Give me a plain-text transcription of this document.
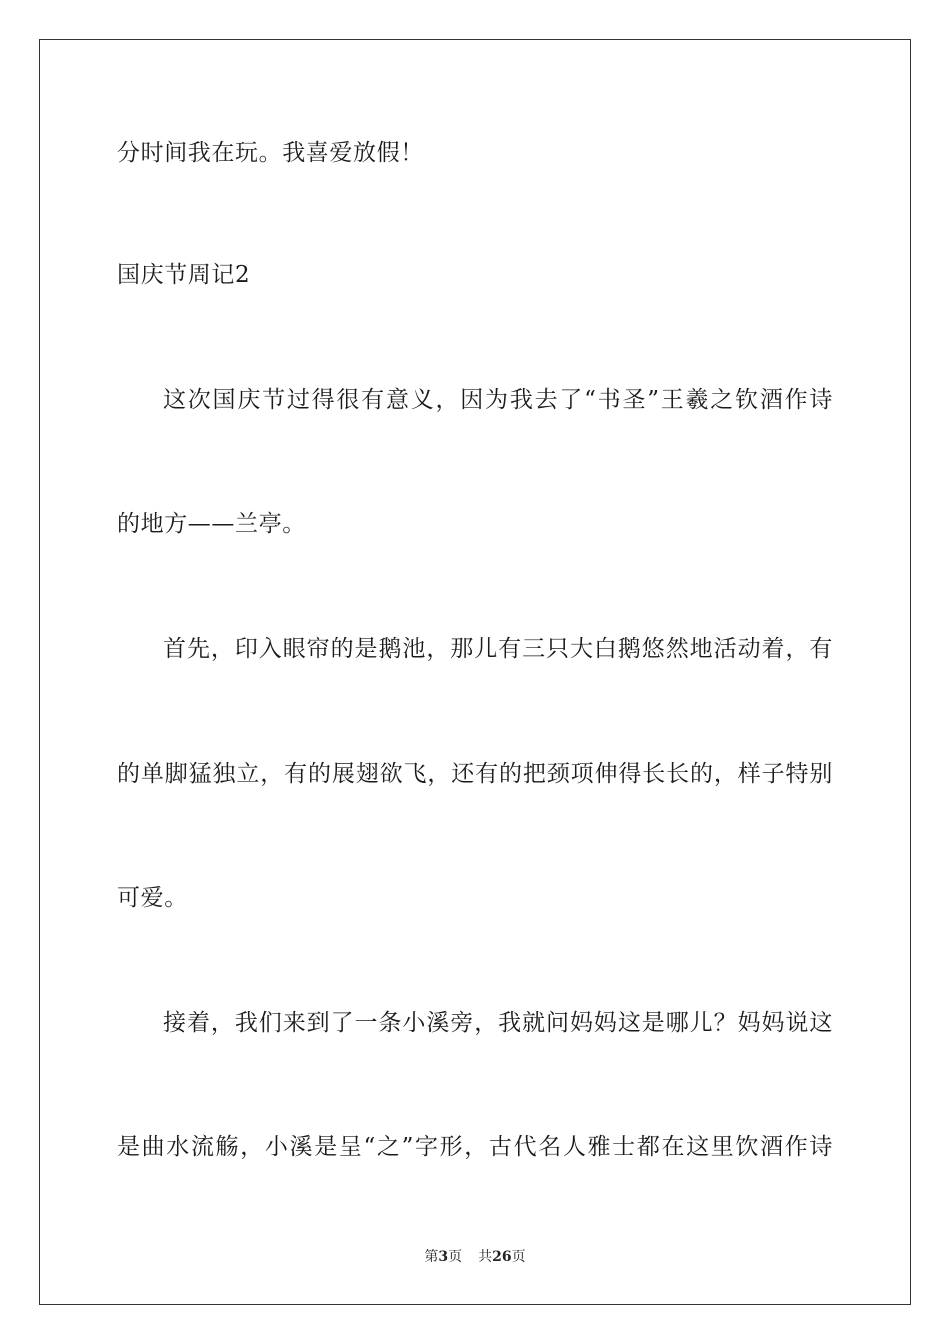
分时间我在玩。我喜爱放假！
国庆节周记2
这次国庆节过得很有意义，因为我去了“书圣”王羲之钦酒作诗
的地方——兰亭。
首先，印入眼帘的是鹅池，那儿有三只大白鹅悠然地活动着，有
的单脚猛独立，有的展翅欲飞，还有的把颈项伸得长长的，样子特别
可爱。
接着，我们来到了一条小溪旁，我就问妈妈这是哪儿？妈妈说这
是曲水流觞，小溪是呈“之”字形，古代名人雅士都在这里饮酒作诗
第3页 共26页
